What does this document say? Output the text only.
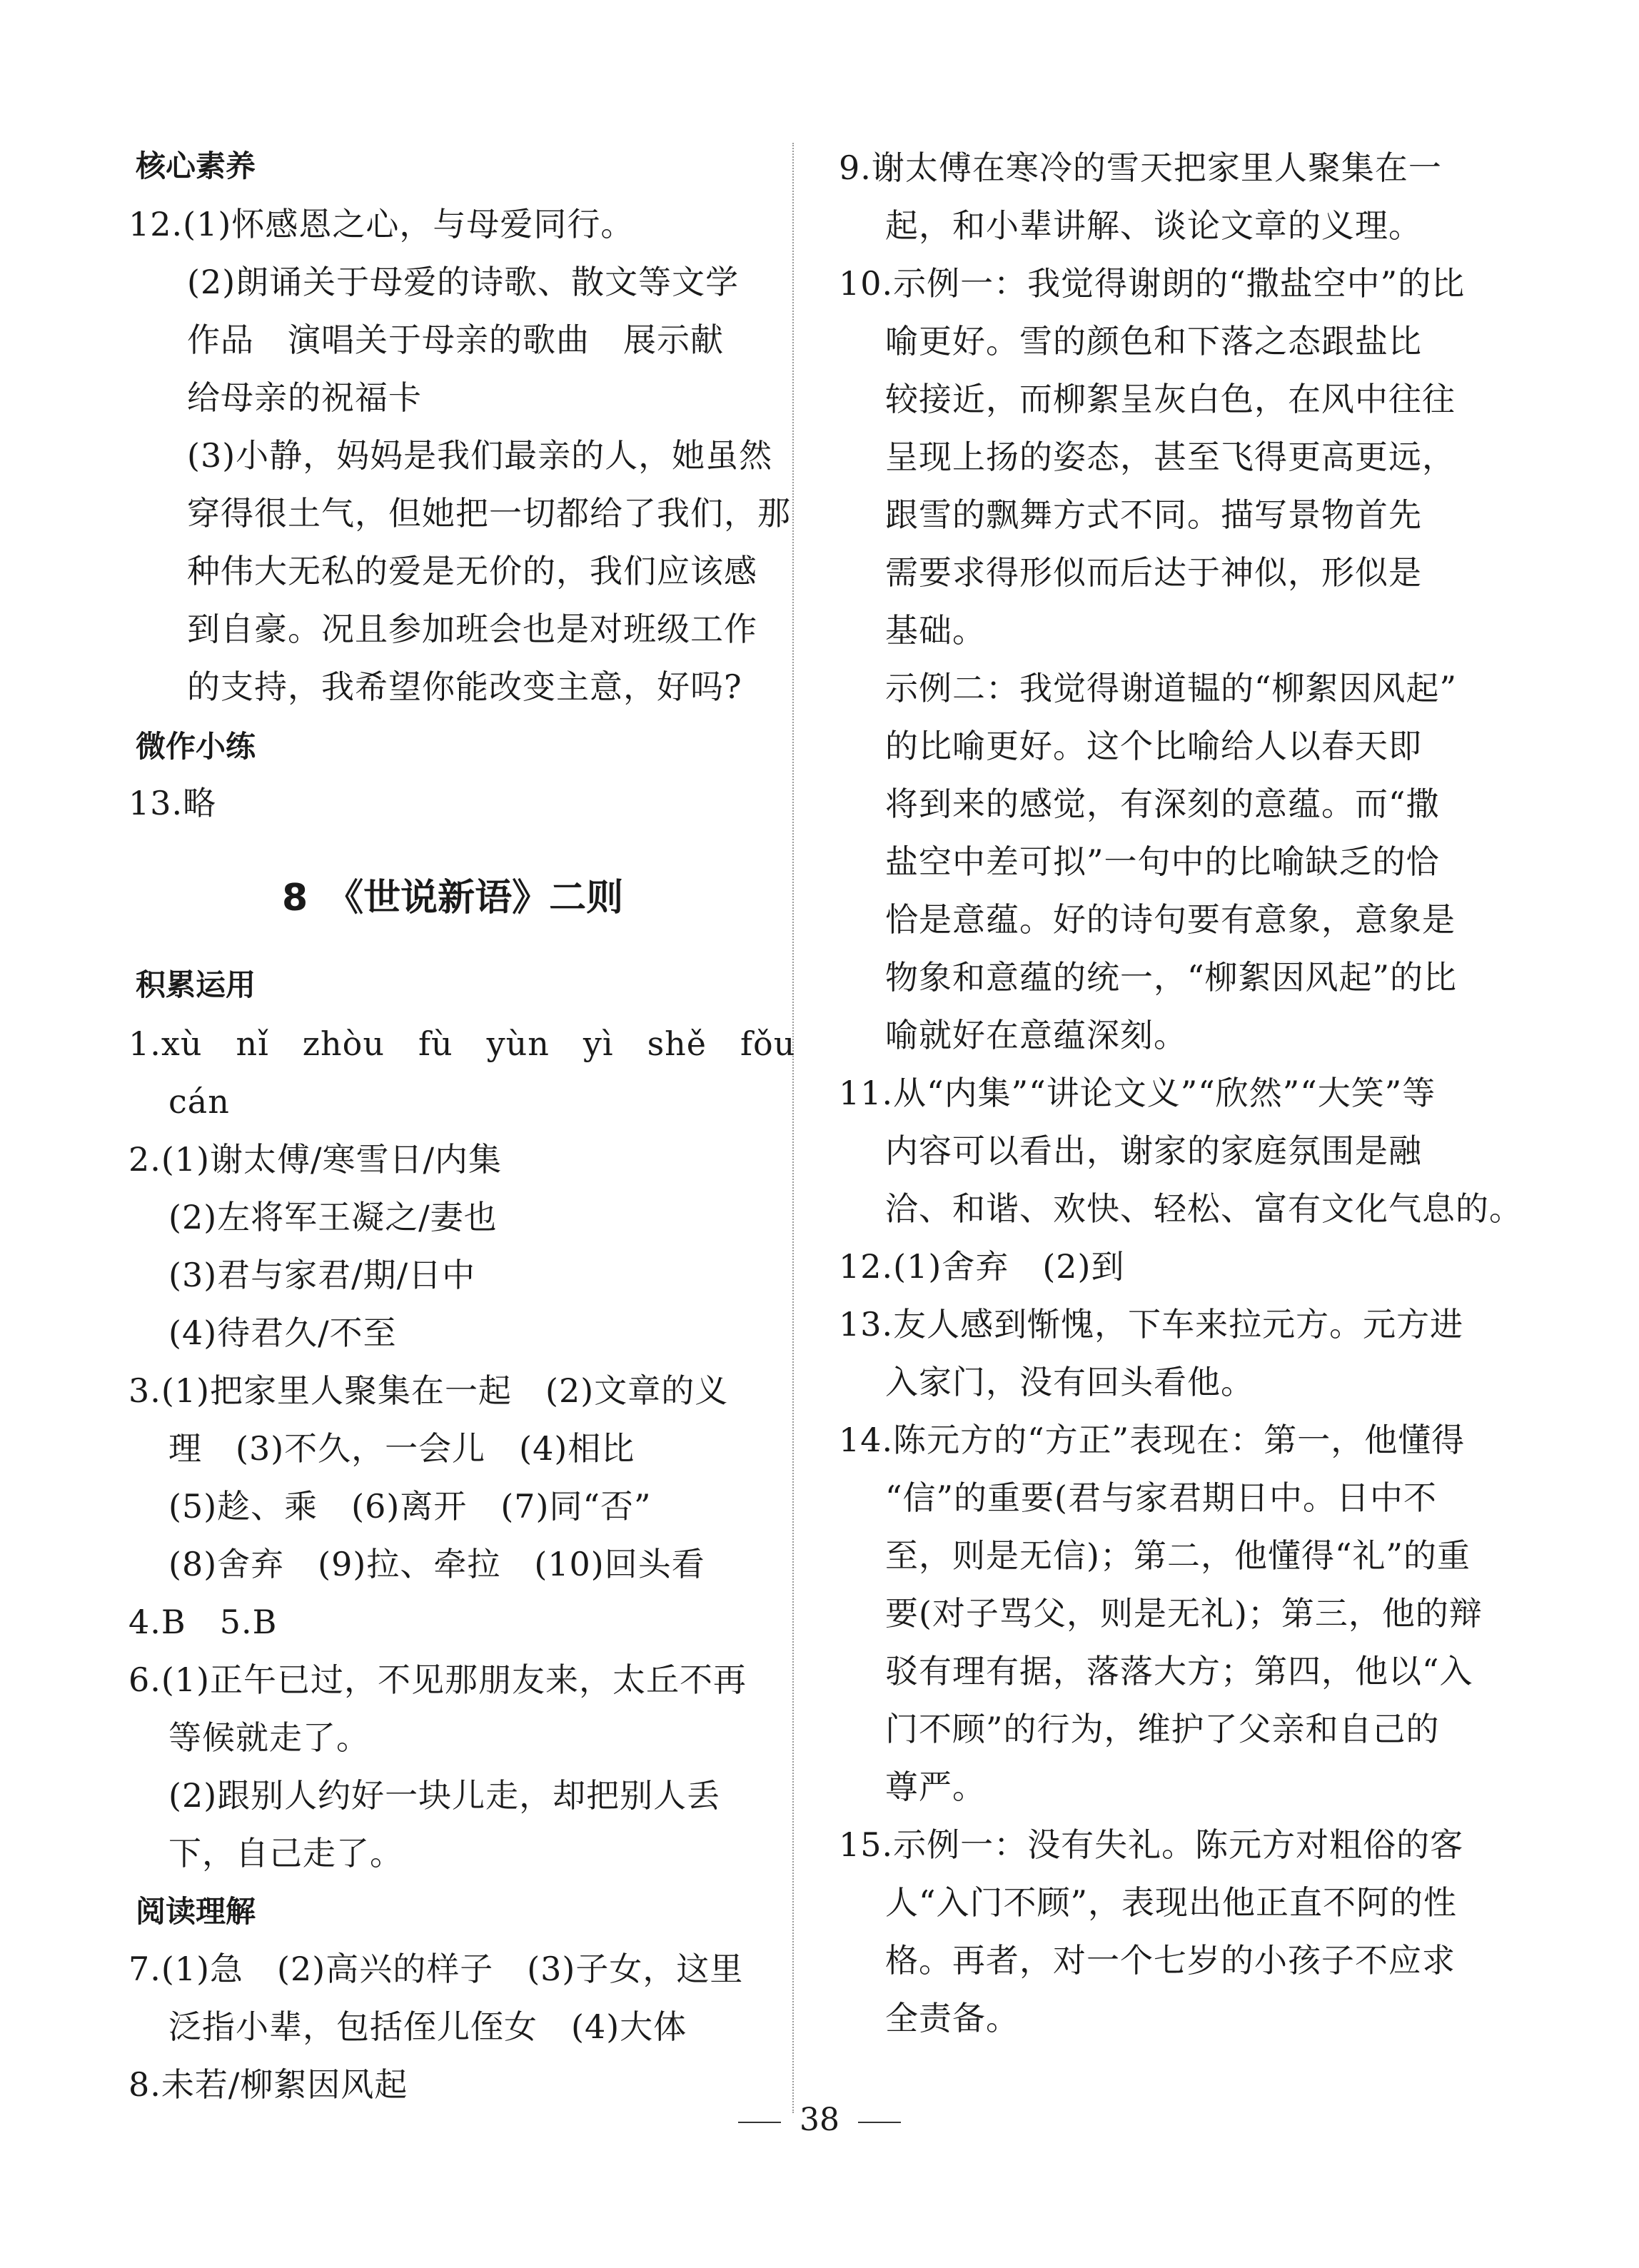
核心素养
12.(1)怀感恩之心，与母爱同行。
(2)朗诵关于母爱的诗歌、散文等文学
作品　演唱关于母亲的歌曲　展示献
给母亲的祝福卡
(3)小静，妈妈是我们最亲的人，她虽然
穿得很土气，但她把一切都给了我们，那
种伟大无私的爱是无价的，我们应该感
到自豪。况且参加班会也是对班级工作
的支持，我希望你能改变主意，好吗?
微作小练
13.略
8　《世说新语》二则
积累运用
1.xù　nǐ　zhòu　fù　yùn　yì　shě　fǒu
cán
2.(1)谢太傅/寒雪日/内集
(2)左将军王凝之/妻也
(3)君与家君/期/日中
(4)待君久/不至
3.(1)把家里人聚集在一起　(2)文章的义
理　(3)不久，一会儿　(4)相比
(5)趁、乘　(6)离开　(7)同“否”
(8)舍弃　(9)拉、牵拉　(10)回头看
4.B　5.B
6.(1)正午已过，不见那朋友来，太丘不再
等候就走了。
(2)跟别人约好一块儿走，却把别人丢
下，自己走了。
阅读理解
7.(1)急　(2)高兴的样子　(3)子女，这里
泛指小辈，包括侄儿侄女　(4)大体
8.未若/柳絮因风起
9.谢太傅在寒冷的雪天把家里人聚集在一
起，和小辈讲解、谈论文章的义理。
10.示例一：我觉得谢朗的“撒盐空中”的比
喻更好。雪的颜色和下落之态跟盐比
较接近，而柳絮呈灰白色，在风中往往
呈现上扬的姿态，甚至飞得更高更远，
跟雪的飘舞方式不同。描写景物首先
需要求得形似而后达于神似，形似是
基础。
示例二：我觉得谢道韫的“柳絮因风起”
的比喻更好。这个比喻给人以春天即
将到来的感觉，有深刻的意蕴。而“撒
盐空中差可拟”一句中的比喻缺乏的恰
恰是意蕴。好的诗句要有意象，意象是
物象和意蕴的统一，“柳絮因风起”的比
喻就好在意蕴深刻。
11.从“内集”“讲论文义”“欣然”“大笑”等
内容可以看出，谢家的家庭氛围是融
洽、和谐、欢快、轻松、富有文化气息的。
12.(1)舍弃　(2)到
13.友人感到惭愧，下车来拉元方。元方进
入家门，没有回头看他。
14.陈元方的“方正”表现在：第一，他懂得
“信”的重要(君与家君期日中。日中不
至，则是无信)；第二，他懂得“礼”的重
要(对子骂父，则是无礼)；第三，他的辩
驳有理有据，落落大方；第四，他以“入
门不顾”的行为，维护了父亲和自己的
尊严。
15.示例一：没有失礼。陈元方对粗俗的客
人“入门不顾”，表现出他正直不阿的性
格。再者，对一个七岁的小孩子不应求
全责备。
38
